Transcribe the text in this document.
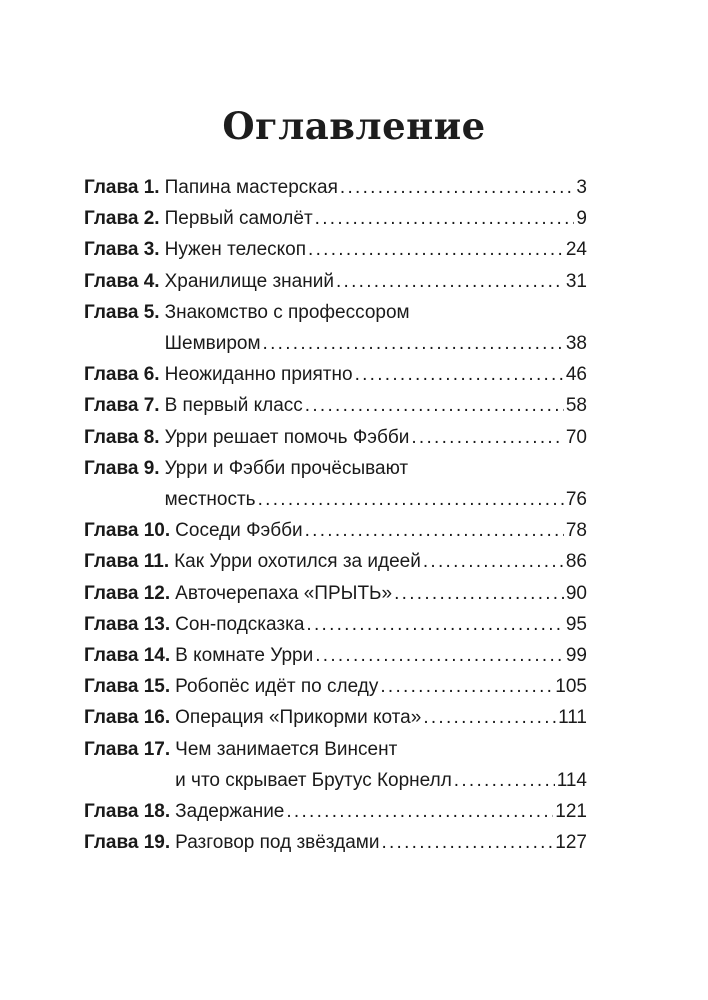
Оглавление
Глава 1. Папина мастерская . . .	3
Глава 2. Первый самолёт . . .	9
Глава 3. Нужен телескоп . . .	24
Глава 4. Хранилище знаний . . .	31
Глава 5. Знакомство с профессором
Шемвиром . . .	38
Глава 6. Неожиданно приятно . . .	46
Глава 7. В первый класс . . .	58
Глава 8. Урри решает помочь Фэбби . . .	70
Глава 9. Урри и Фэбби прочёсывают
местность . . .	76
Глава 10. Соседи Фэбби . . .	78
Глава 11. Как Урри охотился за идеей . . .	86
Глава 12. Авточерепаха «ПРЫТЬ» . . .	90
Глава 13. Сон-подсказка . . .	95
Глава 14. В комнате Урри . . .	99
Глава 15. Робопёс идёт по следу . . .	105
Глава 16. Операция «Прикорми кота» . . .	111
Глава 17. Чем занимается Винсент
и что скрывает Брутус Корнелл . . .	114
Глава 18. Задержание . . .	121
Глава 19. Разговор под звёздами . . .	127
